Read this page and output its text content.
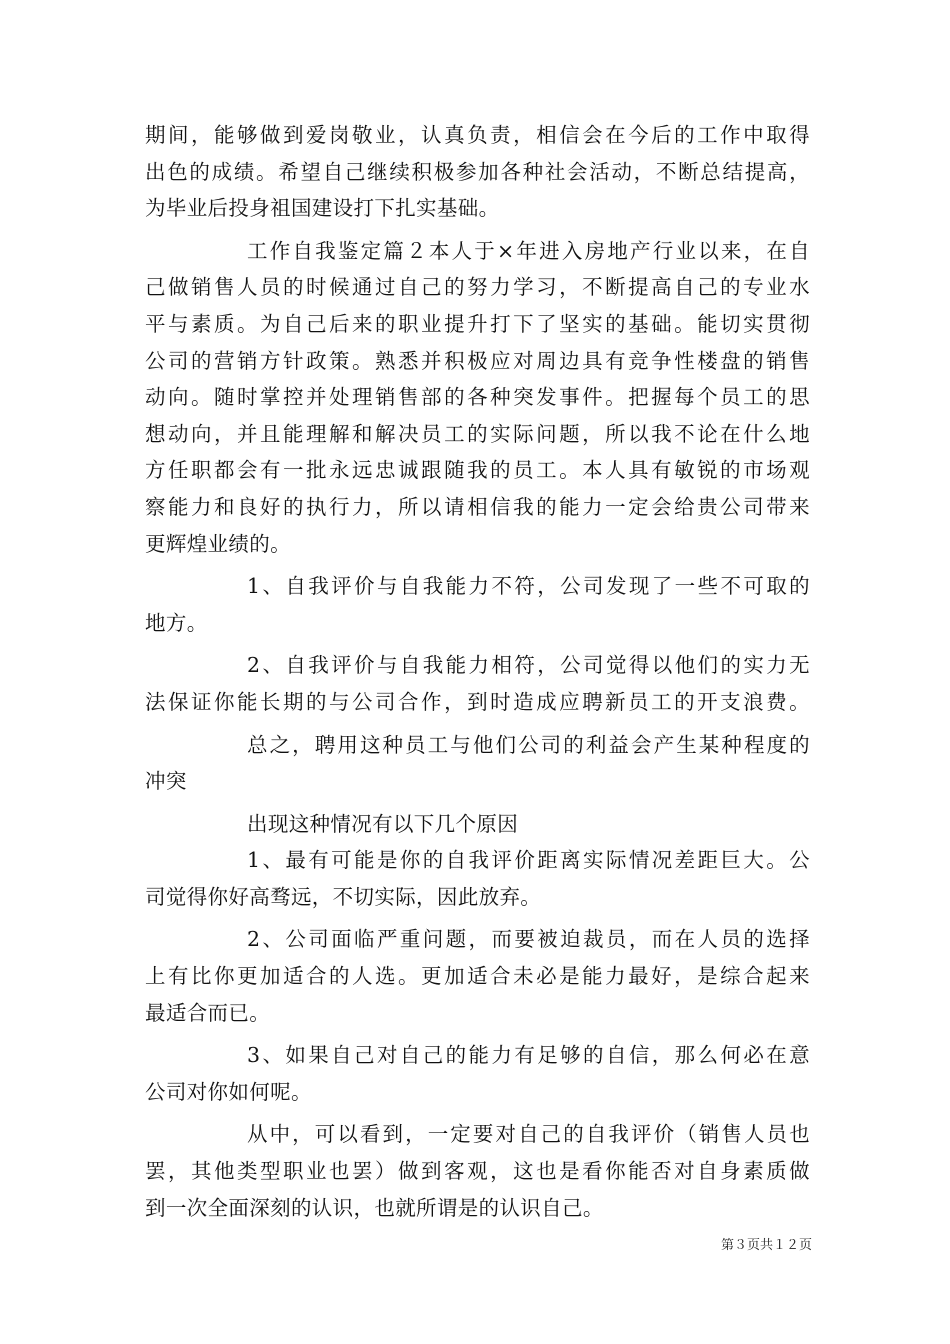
期间，能够做到爱岗敬业，认真负责，相信会在今后的工作中取得
出色的成绩。希望自己继续积极参加各种社会活动，不断总结提高，
为毕业后投身祖国建设打下扎实基础。
工作自我鉴定篇２本人于×年进入房地产行业以来，在自
己做销售人员的时候通过自己的努力学习，不断提高自己的专业水
平与素质。为自己后来的职业提升打下了坚实的基础。能切实贯彻
公司的营销方针政策。熟悉并积极应对周边具有竞争性楼盘的销售
动向。随时掌控并处理销售部的各种突发事件。把握每个员工的思
想动向，并且能理解和解决员工的实际问题，所以我不论在什么地
方任职都会有一批永远忠诚跟随我的员工。本人具有敏锐的市场观
察能力和良好的执行力，所以请相信我的能力一定会给贵公司带来
更辉煌业绩的。
1、自我评价与自我能力不符，公司发现了一些不可取的
地方。
2、自我评价与自我能力相符，公司觉得以他们的实力无
法保证你能长期的与公司合作，到时造成应聘新员工的开支浪费。
总之，聘用这种员工与他们公司的利益会产生某种程度的
冲突
出现这种情况有以下几个原因
1、最有可能是你的自我评价距离实际情况差距巨大。公
司觉得你好高骛远，不切实际，因此放弃。
2、公司面临严重问题，而要被迫裁员，而在人员的选择
上有比你更加适合的人选。更加适合未必是能力最好，是综合起来
最适合而已。
3、如果自己对自己的能力有足够的自信，那么何必在意
公司对你如何呢。
从中，可以看到，一定要对自己的自我评价（销售人员也
罢，其他类型职业也罢）做到客观，这也是看你能否对自身素质做
到一次全面深刻的认识，也就所谓是的认识自己。
第３页共１２页
